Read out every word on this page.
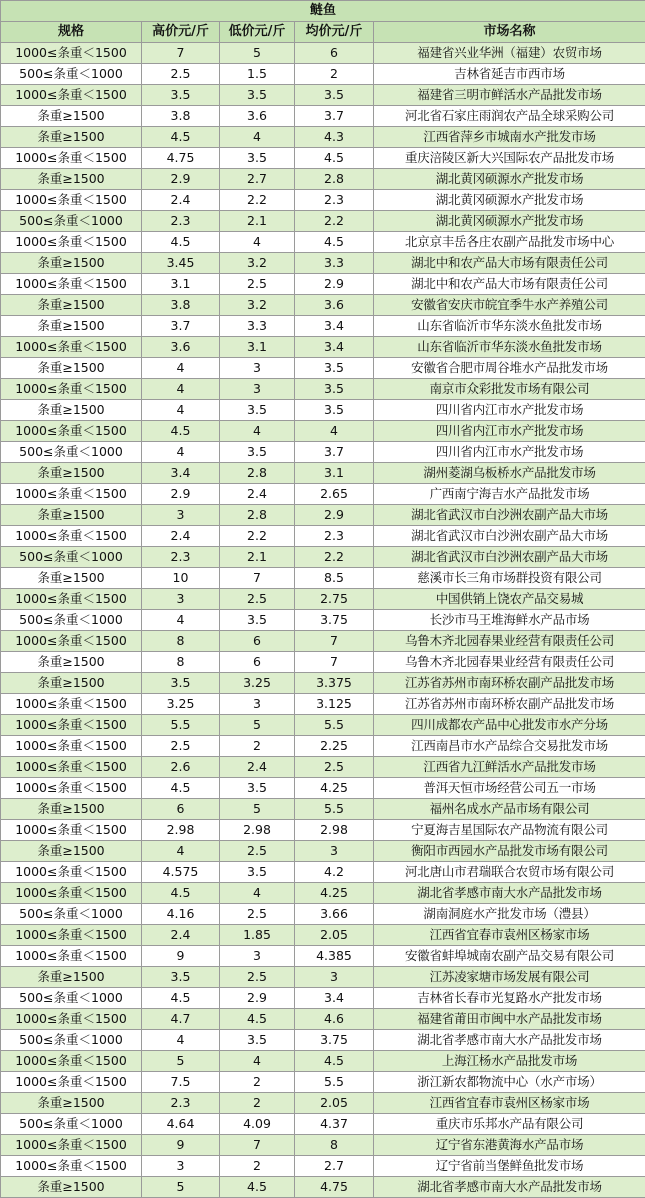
鲢鱼				
规格	高价元/斤	低价元/斤	均价元/斤	市场名称
1000≤条重＜1500	7	5	6	福建省兴业华洲（福建）农贸市场
500≤条重＜1000	2.5	1.5	2	吉林省延吉市西市场
1000≤条重＜1500	3.5	3.5	3.5	福建省三明市鲜活水产品批发市场
条重≥1500	3.8	3.6	3.7	河北省石家庄雨润农产品全球采购公司
条重≥1500	4.5	4	4.3	江西省萍乡市城南水产批发市场
1000≤条重＜1500	4.75	3.5	4.5	重庆涪陵区新大兴国际农产品批发市场
条重≥1500	2.9	2.7	2.8	湖北黄冈硕源水产批发市场
1000≤条重＜1500	2.4	2.2	2.3	湖北黄冈硕源水产批发市场
500≤条重＜1000	2.3	2.1	2.2	湖北黄冈硕源水产批发市场
1000≤条重＜1500	4.5	4	4.5	北京京丰岳各庄农副产品批发市场中心
条重≥1500	3.45	3.2	3.3	湖北中和农产品大市场有限责任公司
1000≤条重＜1500	3.1	2.5	2.9	湖北中和农产品大市场有限责任公司
条重≥1500	3.8	3.2	3.6	安徽省安庆市皖宜季牛水产养殖公司
条重≥1500	3.7	3.3	3.4	山东省临沂市华东淡水鱼批发市场
1000≤条重＜1500	3.6	3.1	3.4	山东省临沂市华东淡水鱼批发市场
条重≥1500	4	3	3.5	安徽省合肥市周谷堆水产品批发市场
1000≤条重＜1500	4	3	3.5	南京市众彩批发市场有限公司
条重≥1500	4	3.5	3.5	四川省内江市水产批发市场
1000≤条重＜1500	4.5	4	4	四川省内江市水产批发市场
500≤条重＜1000	4	3.5	3.7	四川省内江市水产批发市场
条重≥1500	3.4	2.8	3.1	湖州菱湖乌板桥水产品批发市场
1000≤条重＜1500	2.9	2.4	2.65	广西南宁海吉水产品批发市场
条重≥1500	3	2.8	2.9	湖北省武汉市白沙洲农副产品大市场
1000≤条重＜1500	2.4	2.2	2.3	湖北省武汉市白沙洲农副产品大市场
500≤条重＜1000	2.3	2.1	2.2	湖北省武汉市白沙洲农副产品大市场
条重≥1500	10	7	8.5	慈溪市长三角市场群投资有限公司
1000≤条重＜1500	3	2.5	2.75	中国供销上饶农产品交易城
500≤条重＜1000	4	3.5	3.75	长沙市马王堆海鲜水产品市场
1000≤条重＜1500	8	6	7	乌鲁木齐北园春果业经营有限责任公司
条重≥1500	8	6	7	乌鲁木齐北园春果业经营有限责任公司
条重≥1500	3.5	3.25	3.375	江苏省苏州市南环桥农副产品批发市场
1000≤条重＜1500	3.25	3	3.125	江苏省苏州市南环桥农副产品批发市场
1000≤条重＜1500	5.5	5	5.5	四川成都农产品中心批发市水产分场
1000≤条重＜1500	2.5	2	2.25	江西南昌市水产品综合交易批发市场
1000≤条重＜1500	2.6	2.4	2.5	江西省九江鲜活水产品批发市场
1000≤条重＜1500	4.5	3.5	4.25	普洱天恒市场经营公司五一市场
条重≥1500	6	5	5.5	福州名成水产品市场有限公司
1000≤条重＜1500	2.98	2.98	2.98	宁夏海吉星国际农产品物流有限公司
条重≥1500	4	2.5	3	衡阳市西园水产品批发市场有限公司
1000≤条重＜1500	4.575	3.5	4.2	河北唐山市君瑞联合农贸市场有限公司
1000≤条重＜1500	4.5	4	4.25	湖北省孝感市南大水产品批发市场
500≤条重＜1000	4.16	2.5	3.66	湖南洞庭水产批发市场（澧县）
1000≤条重＜1500	2.4	1.85	2.05	江西省宜春市袁州区杨家市场
1000≤条重＜1500	9	3	4.385	安徽省蚌埠城南农副产品交易有限公司
条重≥1500	3.5	2.5	3	江苏凌家塘市场发展有限公司
500≤条重＜1000	4.5	2.9	3.4	吉林省长春市光复路水产批发市场
1000≤条重＜1500	4.7	4.5	4.6	福建省莆田市闽中水产品批发市场
500≤条重＜1000	4	3.5	3.75	湖北省孝感市南大水产品批发市场
1000≤条重＜1500	5	4	4.5	上海江杨水产品批发市场
1000≤条重＜1500	7.5	2	5.5	浙江新农都物流中心（水产市场）
条重≥1500	2.3	2	2.05	江西省宜春市袁州区杨家市场
500≤条重＜1000	4.64	4.09	4.37	重庆市乐邦水产品有限公司
1000≤条重＜1500	9	7	8	辽宁省东港黄海水产品市场
1000≤条重＜1500	3	2	2.7	辽宁省前当堡鲜鱼批发市场
条重≥1500	5	4.5	4.75	湖北省孝感市南大水产品批发市场
